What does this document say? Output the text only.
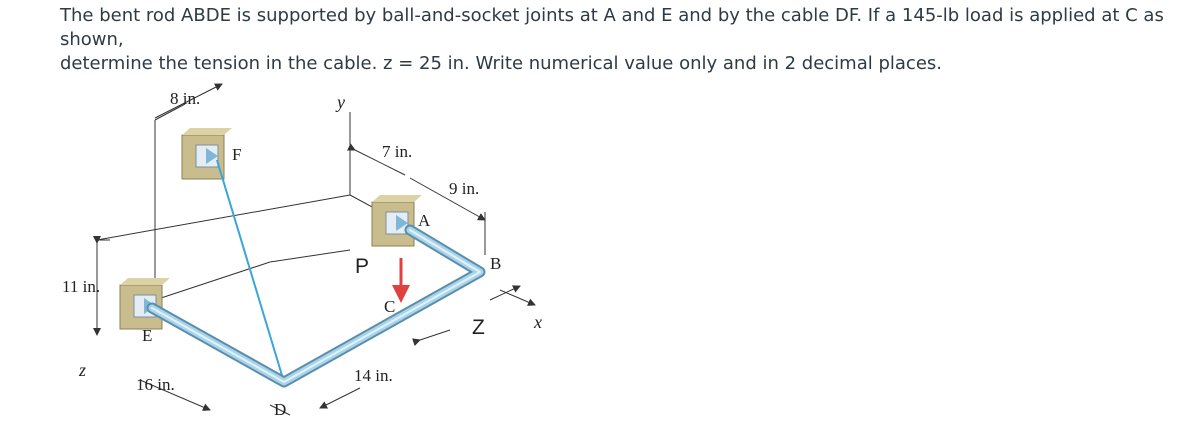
The bent rod ABDE is supported by ball-and-socket joints at A and E and by the cable DF. If a 145-lb load is applied at C as shown,

determine the tension in the cable. z = 25 in. Write numerical value only and in 2 decimal places.

8 in.
11 in.
16 in.	14 in.
7 in.
9 in.
Z
F
A
B
C
D
E
y
x
z
P
